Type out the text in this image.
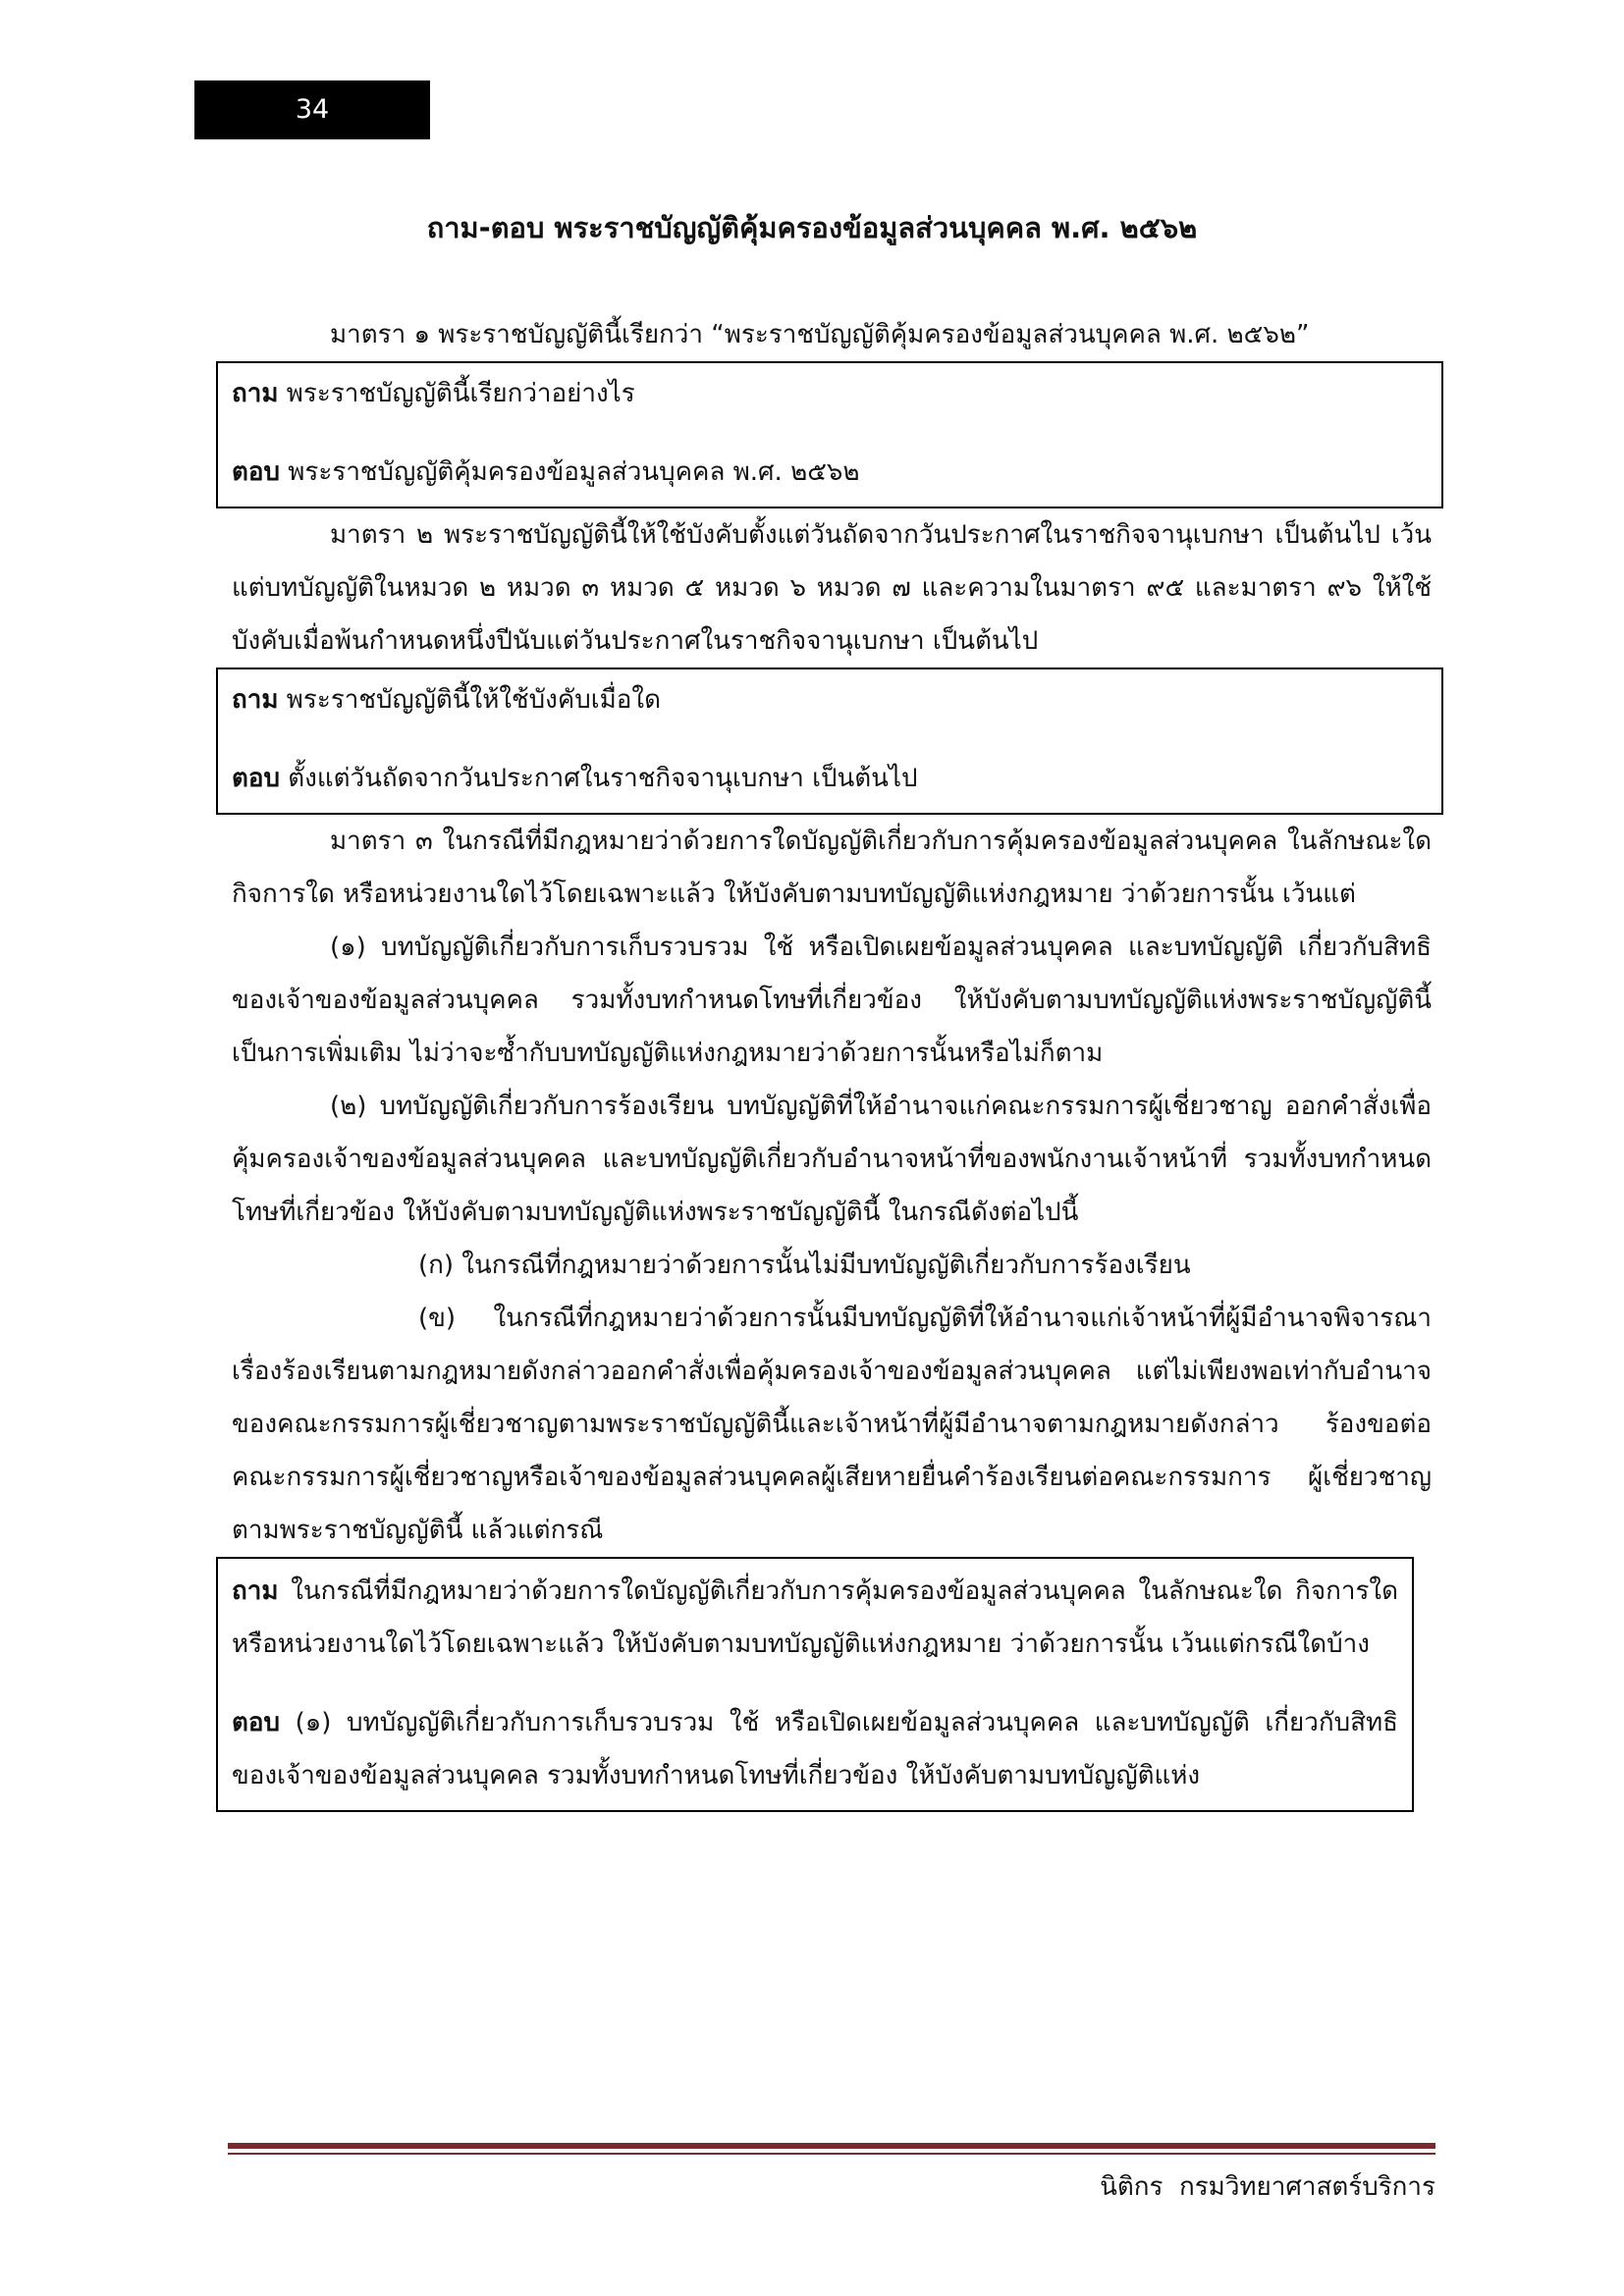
34
ถาม-ตอบ พระราชบัญญัติคุ้มครองข้อมูลส่วนบุคคล พ.ศ. ๒๕๖๒

มาตรา ๑ พระราชบัญญัตินี้เรียกว่า “พระราชบัญญัติคุ้มครองข้อมูลส่วนบุคคล พ.ศ. ๒๕๖๒”

ถาม พระราชบัญญัตินี้เรียกว่าอย่างไร

ตอบ พระราชบัญญัติคุ้มครองข้อมูลส่วนบุคคล พ.ศ. ๒๕๖๒

มาตรา ๒ พระราชบัญญัตินี้ให้ใช้บังคับตั้งแต่วันถัดจากวันประกาศในราชกิจจานุเบกษา เป็นต้นไป เว้นแต่บทบัญญัติในหมวด ๒ หมวด ๓ หมวด ๕ หมวด ๖ หมวด ๗ และความในมาตรา ๙๕ และมาตรา ๙๖ ให้ใช้บังคับเมื่อพ้นกำหนดหนึ่งปีนับแต่วันประกาศในราชกิจจานุเบกษา เป็นต้นไป

ถาม พระราชบัญญัตินี้ให้ใช้บังคับเมื่อใด

ตอบ ตั้งแต่วันถัดจากวันประกาศในราชกิจจานุเบกษา เป็นต้นไป

มาตรา ๓ ในกรณีที่มีกฎหมายว่าด้วยการใดบัญญัติเกี่ยวกับการคุ้มครองข้อมูลส่วนบุคคล ในลักษณะใด กิจการใด หรือหน่วยงานใดไว้โดยเฉพาะแล้ว ให้บังคับตามบทบัญญัติแห่งกฎหมาย ว่าด้วยการนั้น เว้นแต่

(๑) บทบัญญัติเกี่ยวกับการเก็บรวบรวม ใช้ หรือเปิดเผยข้อมูลส่วนบุคคล และบทบัญญัติ เกี่ยวกับสิทธิของเจ้าของข้อมูลส่วนบุคคล รวมทั้งบทกำหนดโทษที่เกี่ยวข้อง ให้บังคับตามบทบัญญัติแห่งพระราชบัญญัตินี้เป็นการเพิ่มเติม ไม่ว่าจะซ้ำกับบทบัญญัติแห่งกฎหมายว่าด้วยการนั้นหรือไม่ก็ตาม

(๒) บทบัญญัติเกี่ยวกับการร้องเรียน บทบัญญัติที่ให้อำนาจแก่คณะกรรมการผู้เชี่ยวชาญ ออกคำสั่งเพื่อคุ้มครองเจ้าของข้อมูลส่วนบุคคล และบทบัญญัติเกี่ยวกับอำนาจหน้าที่ของพนักงานเจ้าหน้าที่ รวมทั้งบทกำหนดโทษที่เกี่ยวข้อง ให้บังคับตามบทบัญญัติแห่งพระราชบัญญัตินี้ ในกรณีดังต่อไปนี้

(ก) ในกรณีที่กฎหมายว่าด้วยการนั้นไม่มีบทบัญญัติเกี่ยวกับการร้องเรียน

(ข) ในกรณีที่กฎหมายว่าด้วยการนั้นมีบทบัญญัติที่ให้อำนาจแก่เจ้าหน้าที่ผู้มีอำนาจพิจารณา เรื่องร้องเรียนตามกฎหมายดังกล่าวออกคำสั่งเพื่อคุ้มครองเจ้าของข้อมูลส่วนบุคคล แต่ไม่เพียงพอเท่ากับอำนาจของคณะกรรมการผู้เชี่ยวชาญตามพระราชบัญญัตินี้และเจ้าหน้าที่ผู้มีอำนาจตามกฎหมายดังกล่าว ร้องขอต่อคณะกรรมการผู้เชี่ยวชาญหรือเจ้าของข้อมูลส่วนบุคคลผู้เสียหายยื่นคำร้องเรียนต่อคณะกรรมการ ผู้เชี่ยวชาญตามพระราชบัญญัตินี้ แล้วแต่กรณี

ถาม ในกรณีที่มีกฎหมายว่าด้วยการใดบัญญัติเกี่ยวกับการคุ้มครองข้อมูลส่วนบุคคล ในลักษณะใด กิจการใด หรือหน่วยงานใดไว้โดยเฉพาะแล้ว ให้บังคับตามบทบัญญัติแห่งกฎหมาย ว่าด้วยการนั้น เว้นแต่กรณีใดบ้าง

ตอบ (๑) บทบัญญัติเกี่ยวกับการเก็บรวบรวม ใช้ หรือเปิดเผยข้อมูลส่วนบุคคล และบทบัญญัติ เกี่ยวกับสิทธิของเจ้าของข้อมูลส่วนบุคคล รวมทั้งบทกำหนดโทษที่เกี่ยวข้อง ให้บังคับตามบทบัญญัติแห่ง

นิติกร  กรมวิทยาศาสตร์บริการ
